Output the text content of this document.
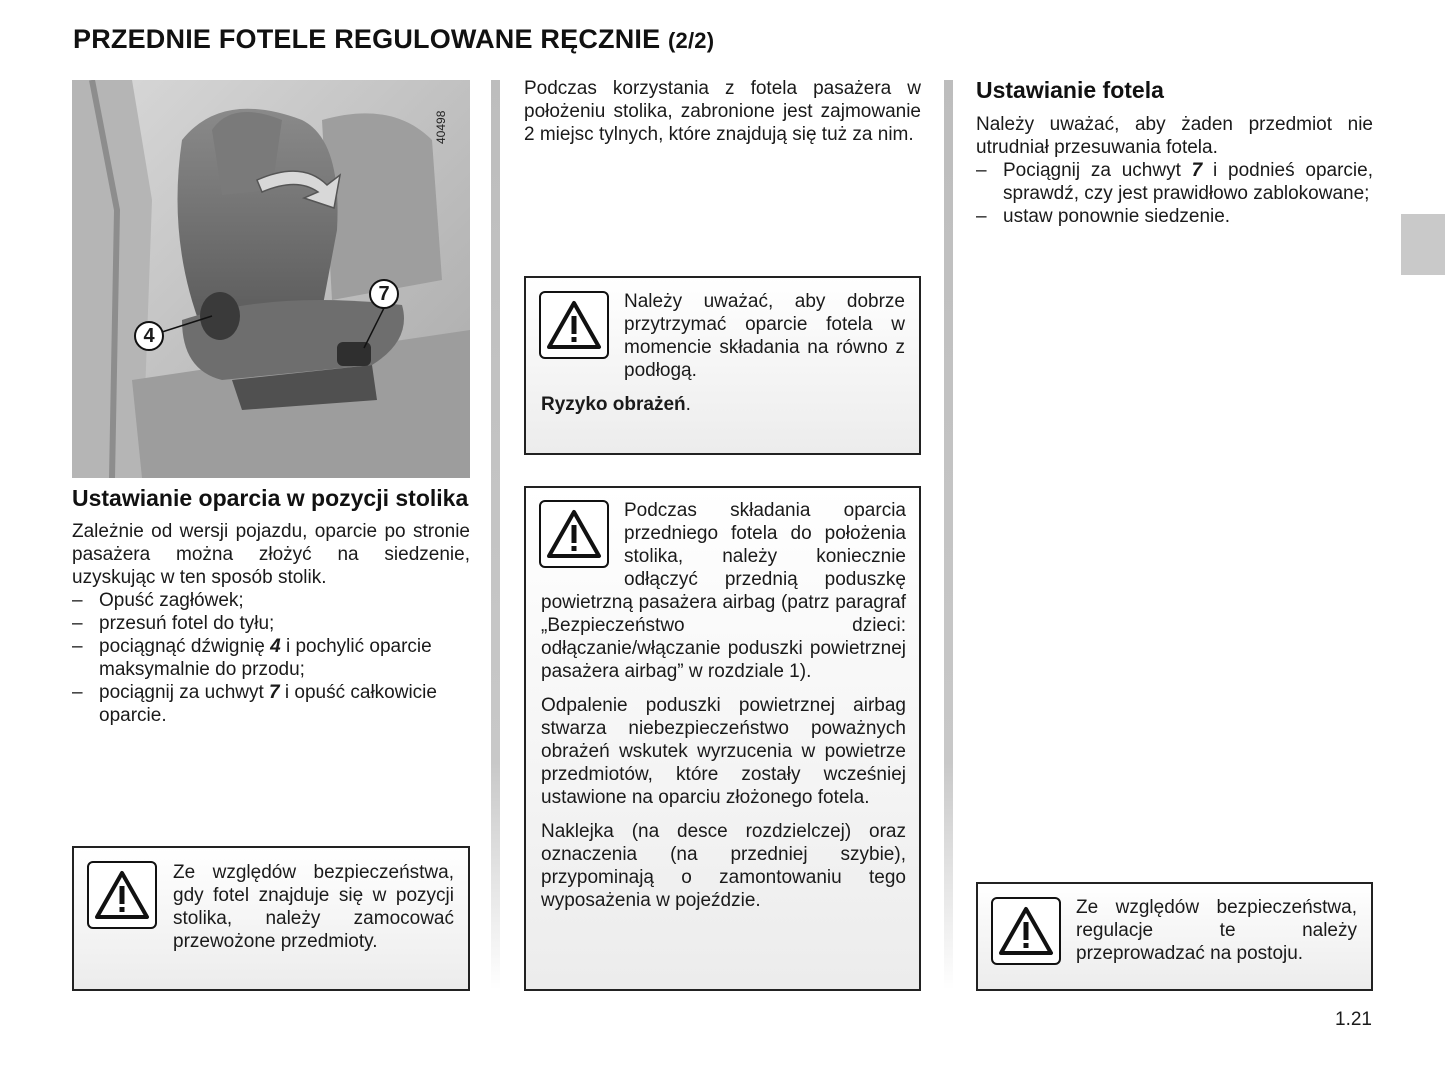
PRZEDNIE FOTELE REGULOWANE RĘCZNIE (2/2)
40498
4
7
Ustawianie oparcia w pozycji stolika

Zależnie od wersji pojazdu, oparcie po stronie pasażera można złożyć na siedzenie, uzyskując w ten sposób stolik.

– Opuść zagłówek;
– przesuń fotel do tyłu;
– pociągnąć dźwignię 4 i pochylić oparcie maksymalnie do przodu;
– pociągnij za uchwyt 7 i opuść całkowicie oparcie.

Ze względów bezpieczeństwa, gdy fotel znajduje się w pozycji stolika, należy zamocować przewożone przedmioty.

Podczas korzystania z fotela pasażera w położeniu stolika, zabronione jest zajmowanie 2 miejsc tylnych, które znajdują się tuż za nim.

Należy uważać, aby dobrze przytrzymać oparcie fotela w momencie składania na równo z podłogą.

Ryzyko obrażeń.

Podczas składania oparcia przedniego fotela do położenia stolika, należy koniecznie odłączyć przednią poduszkę powietrzną pasażera airbag (patrz paragraf „Bezpieczeństwo dzieci: odłączanie/włączanie poduszki powietrznej pasażera airbag” w rozdziale 1).

Odpalenie poduszki powietrznej airbag stwarza niebezpieczeństwo poważnych obrażeń wskutek wyrzucenia w powietrze przedmiotów, które zostały wcześniej ustawione na oparciu złożonego fotela.

Naklejka (na desce rozdzielczej) oraz oznaczenia (na przedniej szybie), przypominają o zamontowaniu tego wyposażenia w pojeździe.

Ustawianie fotela

Należy uważać, aby żaden przedmiot nie utrudniał przesuwania fotela.

– Pociągnij za uchwyt 7 i podnieś oparcie, sprawdź, czy jest prawidłowo zablokowane;
– ustaw ponownie siedzenie.

Ze względów bezpieczeństwa, regulacje te należy przeprowadzać na postoju.

1.21
